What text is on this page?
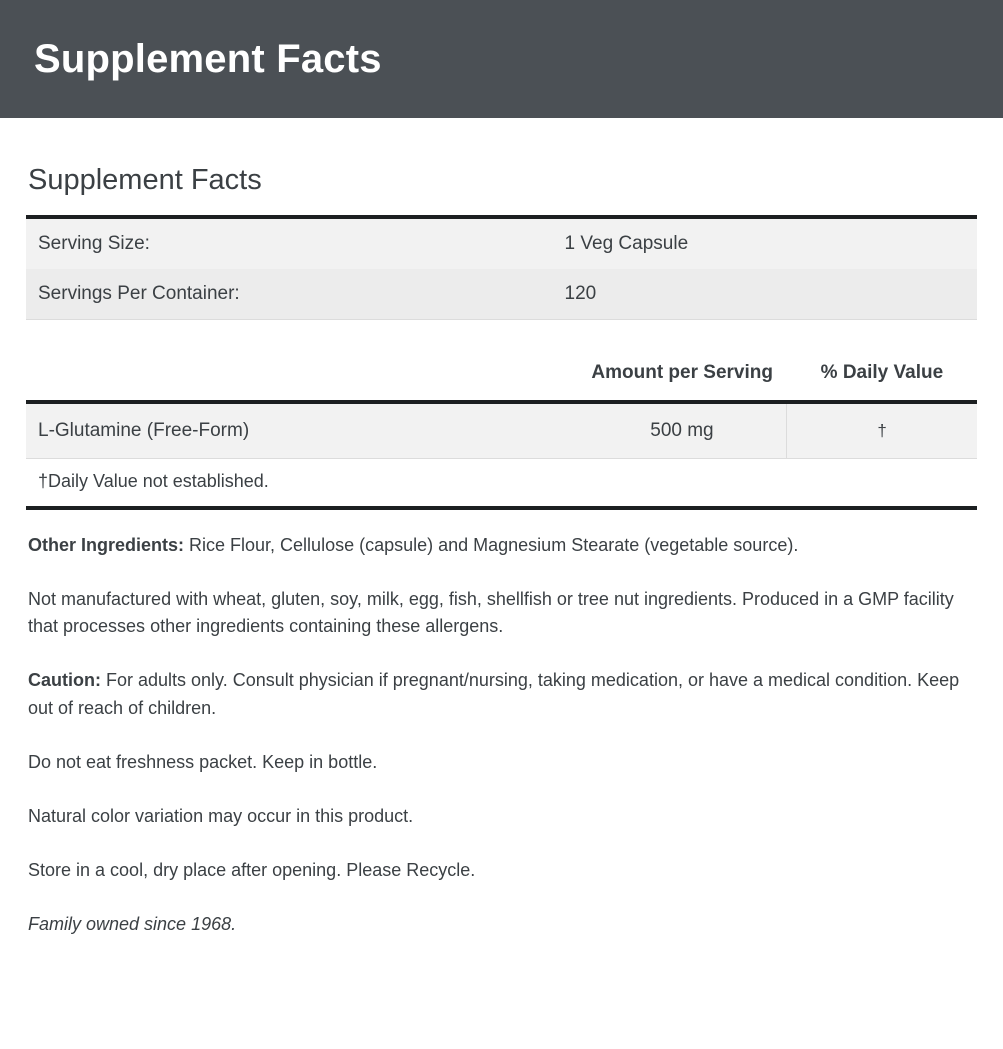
Supplement Facts
Supplement Facts
Serving Size:	1 Veg Capsule
Servings Per Container:	120
	Amount per Serving	% Daily Value
L-Glutamine (Free-Form)	500 mg	†
†Daily Value not established.

Other Ingredients: Rice Flour, Cellulose (capsule) and Magnesium Stearate (vegetable source).

Not manufactured with wheat, gluten, soy, milk, egg, fish, shellfish or tree nut ingredients. Produced in a GMP facility that processes other ingredients containing these allergens.

Caution: For adults only. Consult physician if pregnant/nursing, taking medication, or have a medical condition. Keep out of reach of children.

Do not eat freshness packet. Keep in bottle.

Natural color variation may occur in this product.

Store in a cool, dry place after opening. Please Recycle.

Family owned since 1968.
